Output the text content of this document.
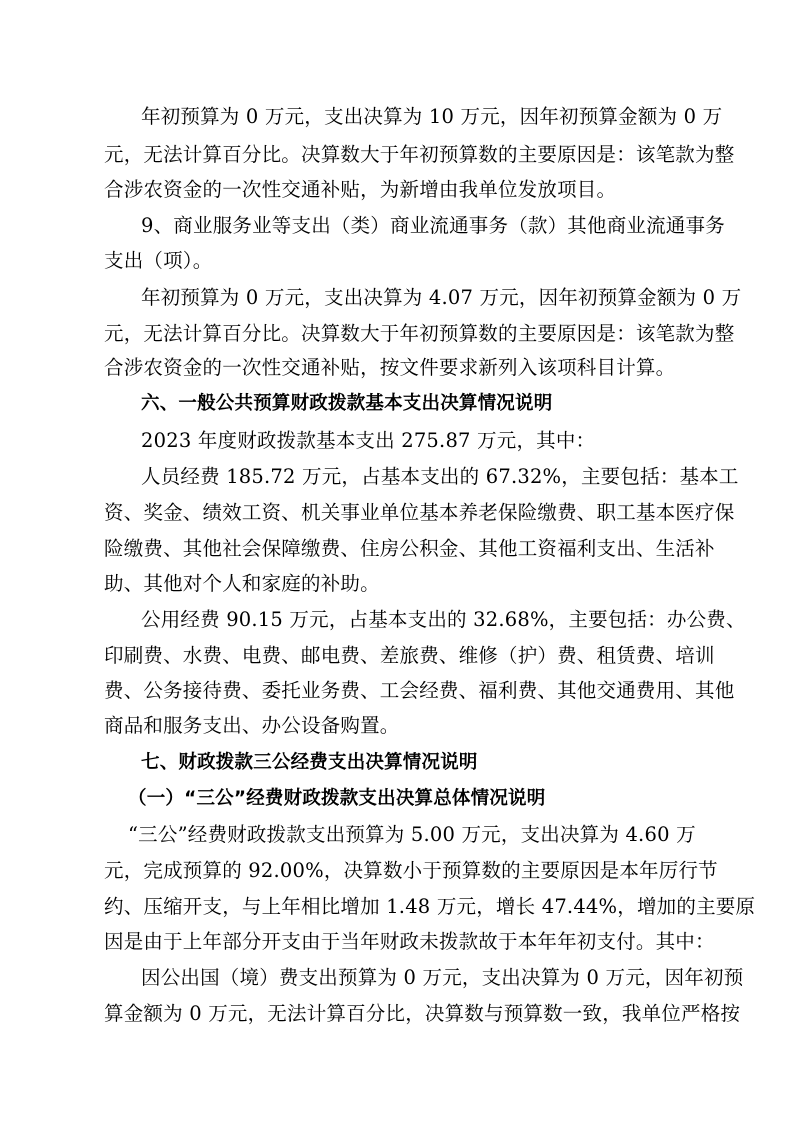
年初预算为 0 万元，支出决算为 10 万元，因年初预算金额为 0 万
元，无法计算百分比。决算数大于年初预算数的主要原因是：该笔款为整
合涉农资金的一次性交通补贴，为新增由我单位发放项目。
9、商业服务业等支出（类）商业流通事务（款）其他商业流通事务
支出（项）。
年初预算为 0 万元，支出决算为 4.07 万元，因年初预算金额为 0 万
元，无法计算百分比。决算数大于年初预算数的主要原因是：该笔款为整
合涉农资金的一次性交通补贴，按文件要求新列入该项科目计算。
六、一般公共预算财政拨款基本支出决算情况说明
2023 年度财政拨款基本支出 275.87 万元，其中：
人员经费 185.72 万元，占基本支出的 67.32%，主要包括：基本工
资、奖金、绩效工资、机关事业单位基本养老保险缴费、职工基本医疗保
险缴费、其他社会保障缴费、住房公积金、其他工资福利支出、生活补
助、其他对个人和家庭的补助。
公用经费 90.15 万元，占基本支出的 32.68%，主要包括：办公费、
印刷费、水费、电费、邮电费、差旅费、维修（护）费、租赁费、培训
费、公务接待费、委托业务费、工会经费、福利费、其他交通费用、其他
商品和服务支出、办公设备购置。
七、财政拨款三公经费支出决算情况说明
（一）“三公”经费财政拨款支出决算总体情况说明
“三公”经费财政拨款支出预算为 5.00 万元，支出决算为 4.60 万
元，完成预算的 92.00%，决算数小于预算数的主要原因是本年厉行节
约、压缩开支，与上年相比增加 1.48 万元，增长 47.44%，增加的主要原
因是由于上年部分开支由于当年财政未拨款故于本年年初支付。其中：
因公出国（境）费支出预算为 0 万元，支出决算为 0 万元，因年初预
算金额为 0 万元，无法计算百分比，决算数与预算数一致，我单位严格按
